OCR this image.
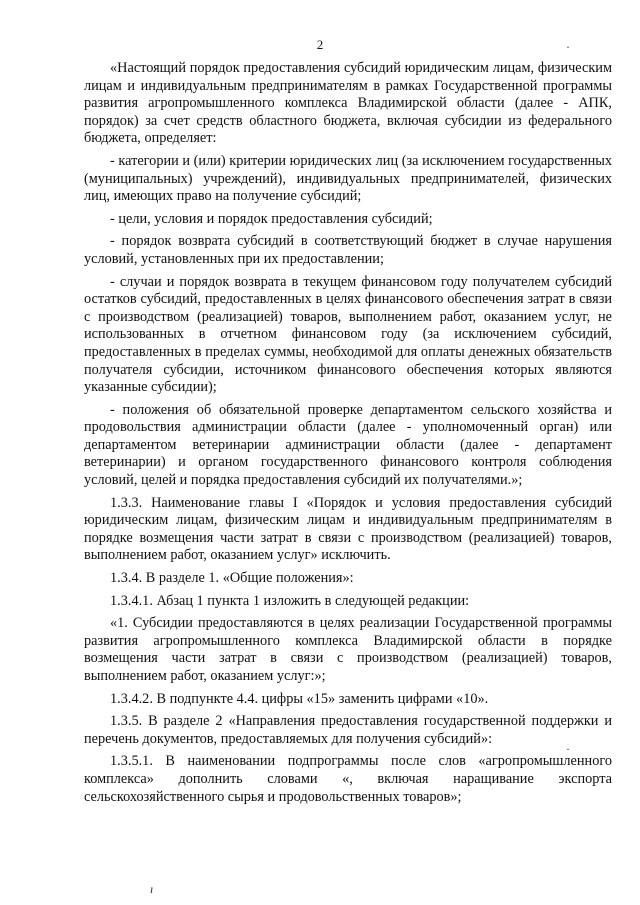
2

«Настоящий порядок предоставления субсидий юридическим лицам, физическим лицам и индивидуальным предпринимателям в рамках Государственной программы развития агропромышленного комплекса Владимирской области (далее - АПК, порядок) за счет средств областного бюджета, включая субсидии из федерального бюджета, определяет:

- категории и (или) критерии юридических лиц (за исключением государственных (муниципальных) учреждений), индивидуальных предпринимателей, физических лиц, имеющих право на получение субсидий;

- цели, условия и порядок предоставления субсидий;

- порядок возврата субсидий в соответствующий бюджет в случае нарушения условий, установленных при их предоставлении;

- случаи и порядок возврата в текущем финансовом году получателем субсидий остатков субсидий, предоставленных в целях финансового обеспечения затрат в связи с производством (реализацией) товаров, выполнением работ, оказанием услуг, не использованных в отчетном финансовом году (за исключением субсидий, предоставленных в пределах суммы, необходимой для оплаты денежных обязательств получателя субсидии, источником финансового обеспечения которых являются указанные субсидии);

- положения об обязательной проверке департаментом сельского хозяйства и продовольствия администрации области (далее - уполномоченный орган) или департаментом ветеринарии администрации области (далее - департамент ветеринарии) и органом государственного финансового контроля соблюдения условий, целей и порядка предоставления субсидий их получателями.»;

1.3.3. Наименование главы I «Порядок и условия предоставления субсидий юридическим лицам, физическим лицам и индивидуальным предпринимателям в порядке возмещения части затрат в связи с производством (реализацией) товаров, выполнением работ, оказанием услуг» исключить.

1.3.4. В разделе 1. «Общие положения»:

1.3.4.1. Абзац 1 пункта 1 изложить в следующей редакции:

«1. Субсидии предоставляются в целях реализации Государственной программы развития агропромышленного комплекса Владимирской области в порядке возмещения части затрат в связи с производством (реализацией) товаров, выполнением работ, оказанием услуг:»;

1.3.4.2. В подпункте 4.4. цифры «15» заменить цифрами «10».

1.3.5. В разделе 2 «Направления предоставления государственной поддержки и перечень документов, предоставляемых для получения субсидий»:

1.3.5.1. В наименовании подпрограммы после слов «агропромышленного комплекса» дополнить словами «, включая наращивание экспорта сельскохозяйственного сырья и продовольственных товаров»;

·
·
ı
